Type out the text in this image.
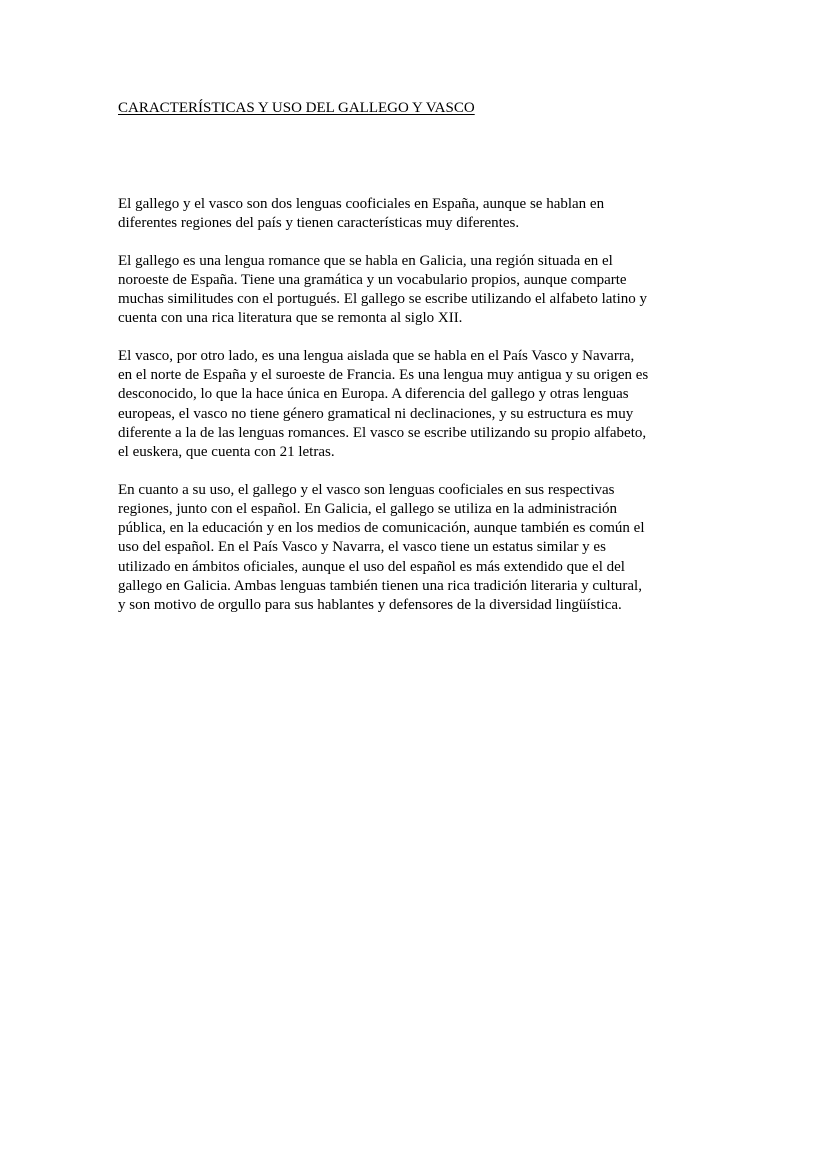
CARACTERÍSTICAS Y USO DEL GALLEGO Y VASCO

El gallego y el vasco son dos lenguas cooficiales en España, aunque se hablan en
diferentes regiones del país y tienen características muy diferentes.

El gallego es una lengua romance que se habla en Galicia, una región situada en el
noroeste de España. Tiene una gramática y un vocabulario propios, aunque comparte
muchas similitudes con el portugués. El gallego se escribe utilizando el alfabeto latino y
cuenta con una rica literatura que se remonta al siglo XII.

El vasco, por otro lado, es una lengua aislada que se habla en el País Vasco y Navarra,
en el norte de España y el suroeste de Francia. Es una lengua muy antigua y su origen es
desconocido, lo que la hace única en Europa. A diferencia del gallego y otras lenguas
europeas, el vasco no tiene género gramatical ni declinaciones, y su estructura es muy
diferente a la de las lenguas romances. El vasco se escribe utilizando su propio alfabeto,
el euskera, que cuenta con 21 letras.

En cuanto a su uso, el gallego y el vasco son lenguas cooficiales en sus respectivas
regiones, junto con el español. En Galicia, el gallego se utiliza en la administración
pública, en la educación y en los medios de comunicación, aunque también es común el
uso del español. En el País Vasco y Navarra, el vasco tiene un estatus similar y es
utilizado en ámbitos oficiales, aunque el uso del español es más extendido que el del
gallego en Galicia. Ambas lenguas también tienen una rica tradición literaria y cultural,
y son motivo de orgullo para sus hablantes y defensores de la diversidad lingüística.
